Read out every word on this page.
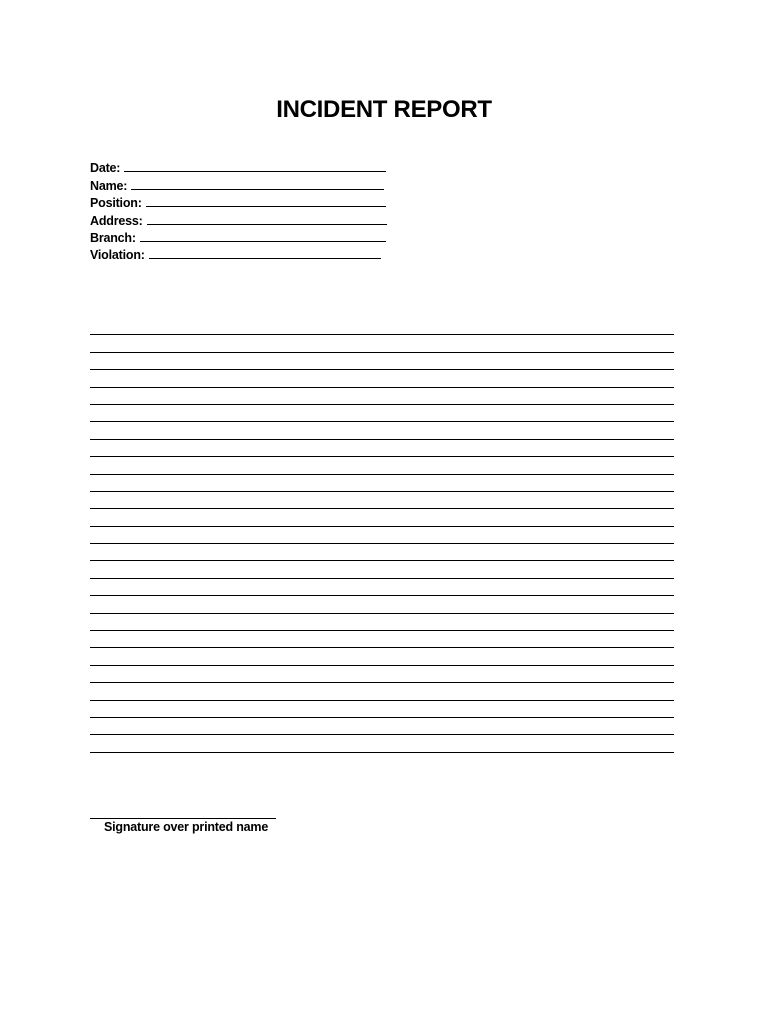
INCIDENT REPORT
Date:
Name:
Position:
Address:
Branch:
Violation:
Signature over printed name
